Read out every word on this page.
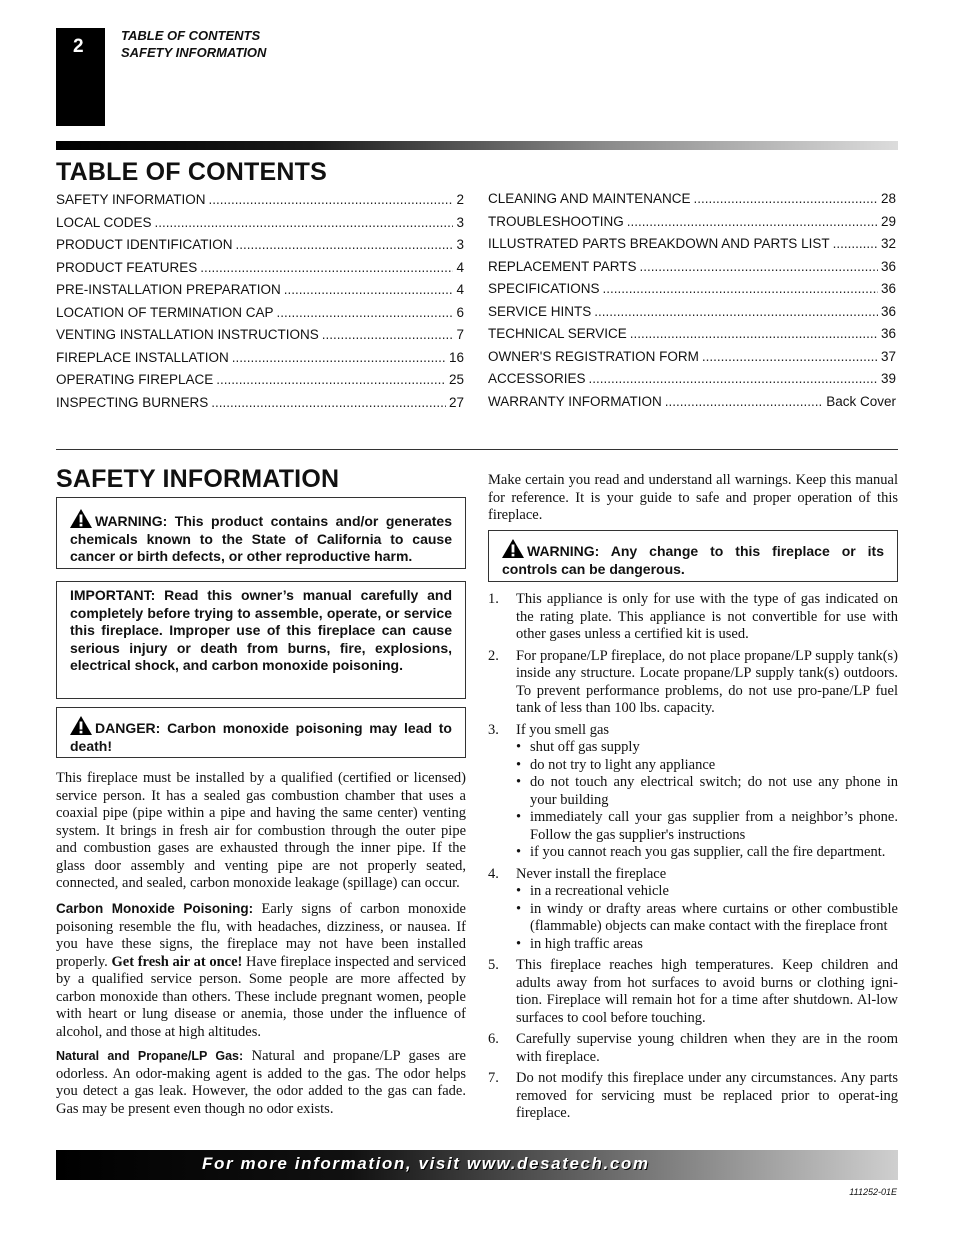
2
TABLE OF CONTENTS
SAFETY INFORMATION
TABLE OF CONTENTS
SAFETY INFORMATION .....	2
LOCAL CODES .....	3
PRODUCT IDENTIFICATION .....	3
PRODUCT FEATURES .....	4
PRE-INSTALLATION PREPARATION .....	4
LOCATION OF TERMINATION CAP .....	6
VENTING INSTALLATION INSTRUCTIONS .....	7
FIREPLACE INSTALLATION .....	16
OPERATING FIREPLACE .....	25
INSPECTING BURNERS .....	27
CLEANING AND MAINTENANCE .....	28
TROUBLESHOOTING .....	29
ILLUSTRATED PARTS BREAKDOWN AND PARTS LIST .....	32
REPLACEMENT PARTS .....	36
SPECIFICATIONS .....	36
SERVICE HINTS .....	36
TECHNICAL SERVICE .....	36
OWNER'S REGISTRATION FORM .....	37
ACCESSORIES .....	39
WARRANTY INFORMATION .....	Back Cover
SAFETY INFORMATION
WARNING: This product contains and/or generates chemicals known to the State of California to cause cancer or birth defects, or other reproductive harm.
IMPORTANT: Read this owner’s manual carefully and completely before trying to assemble, operate, or service this fireplace. Improper use of this fireplace can cause serious injury or death from burns, fire, explosions, electrical shock, and carbon monoxide poisoning.
DANGER: Carbon monoxide poisoning may lead to death!

This fireplace must be installed by a qualified (certified or licensed) service person. It has a sealed gas combustion chamber that uses a coaxial pipe (pipe within a pipe and having the same center) venting system. It brings in fresh air for combustion through the outer pipe and combustion gases are exhausted through the inner pipe. If the glass door assembly and venting pipe are not properly seated, connected, and sealed, carbon monoxide leakage (spillage) can occur.

Carbon Monoxide Poisoning: Early signs of carbon monoxide poisoning resemble the flu, with headaches, dizziness, or nausea. If you have these signs, the fireplace may not have been installed properly. Get fresh air at once! Have fireplace inspected and serviced by a qualified service person. Some people are more affected by carbon monoxide than others. These include pregnant women, people with heart or lung disease or anemia, those under the influence of alcohol, and those at high altitudes.

Natural and Propane/LP Gas: Natural and propane/LP gases are odorless. An odor-making agent is added to the gas. The odor helps you detect a gas leak. However, the odor added to the gas can fade. Gas may be present even though no odor exists.

Make certain you read and understand all warnings. Keep this manual for reference. It is your guide to safe and proper operation of this fireplace.

WARNING: Any change to this fireplace or its controls can be dangerous.
1. This appliance is only for use with the type of gas indicated on the rating plate. This appliance is not convertible for use with other gases unless a certified kit is used.
2. For propane/LP fireplace, do not place propane/LP supply tank(s) inside any structure. Locate propane/LP supply tank(s) outdoors. To prevent performance problems, do not use pro-pane/LP fuel tank of less than 100 lbs. capacity.
3. If you smell gas
• shut off gas supply
• do not try to light any appliance
• do not touch any electrical switch; do not use any phone in your building
• immediately call your gas supplier from a neighbor’s phone. Follow the gas supplier's instructions
• if you cannot reach you gas supplier, call the fire department.
4. Never install the fireplace
• in a recreational vehicle
• in windy or drafty areas where curtains or other combustible (flammable) objects can make contact with the fireplace front
• in high traffic areas
5. This fireplace reaches high temperatures. Keep children and adults away from hot surfaces to avoid burns or clothing igni-tion. Fireplace will remain hot for a time after shutdown. Al-low surfaces to cool before touching.
6. Carefully supervise young children when they are in the room with fireplace.
7. Do not modify this fireplace under any circumstances. Any parts removed for servicing must be replaced prior to operat-ing fireplace.
For more information, visit www.desatech.com
111252-01E
